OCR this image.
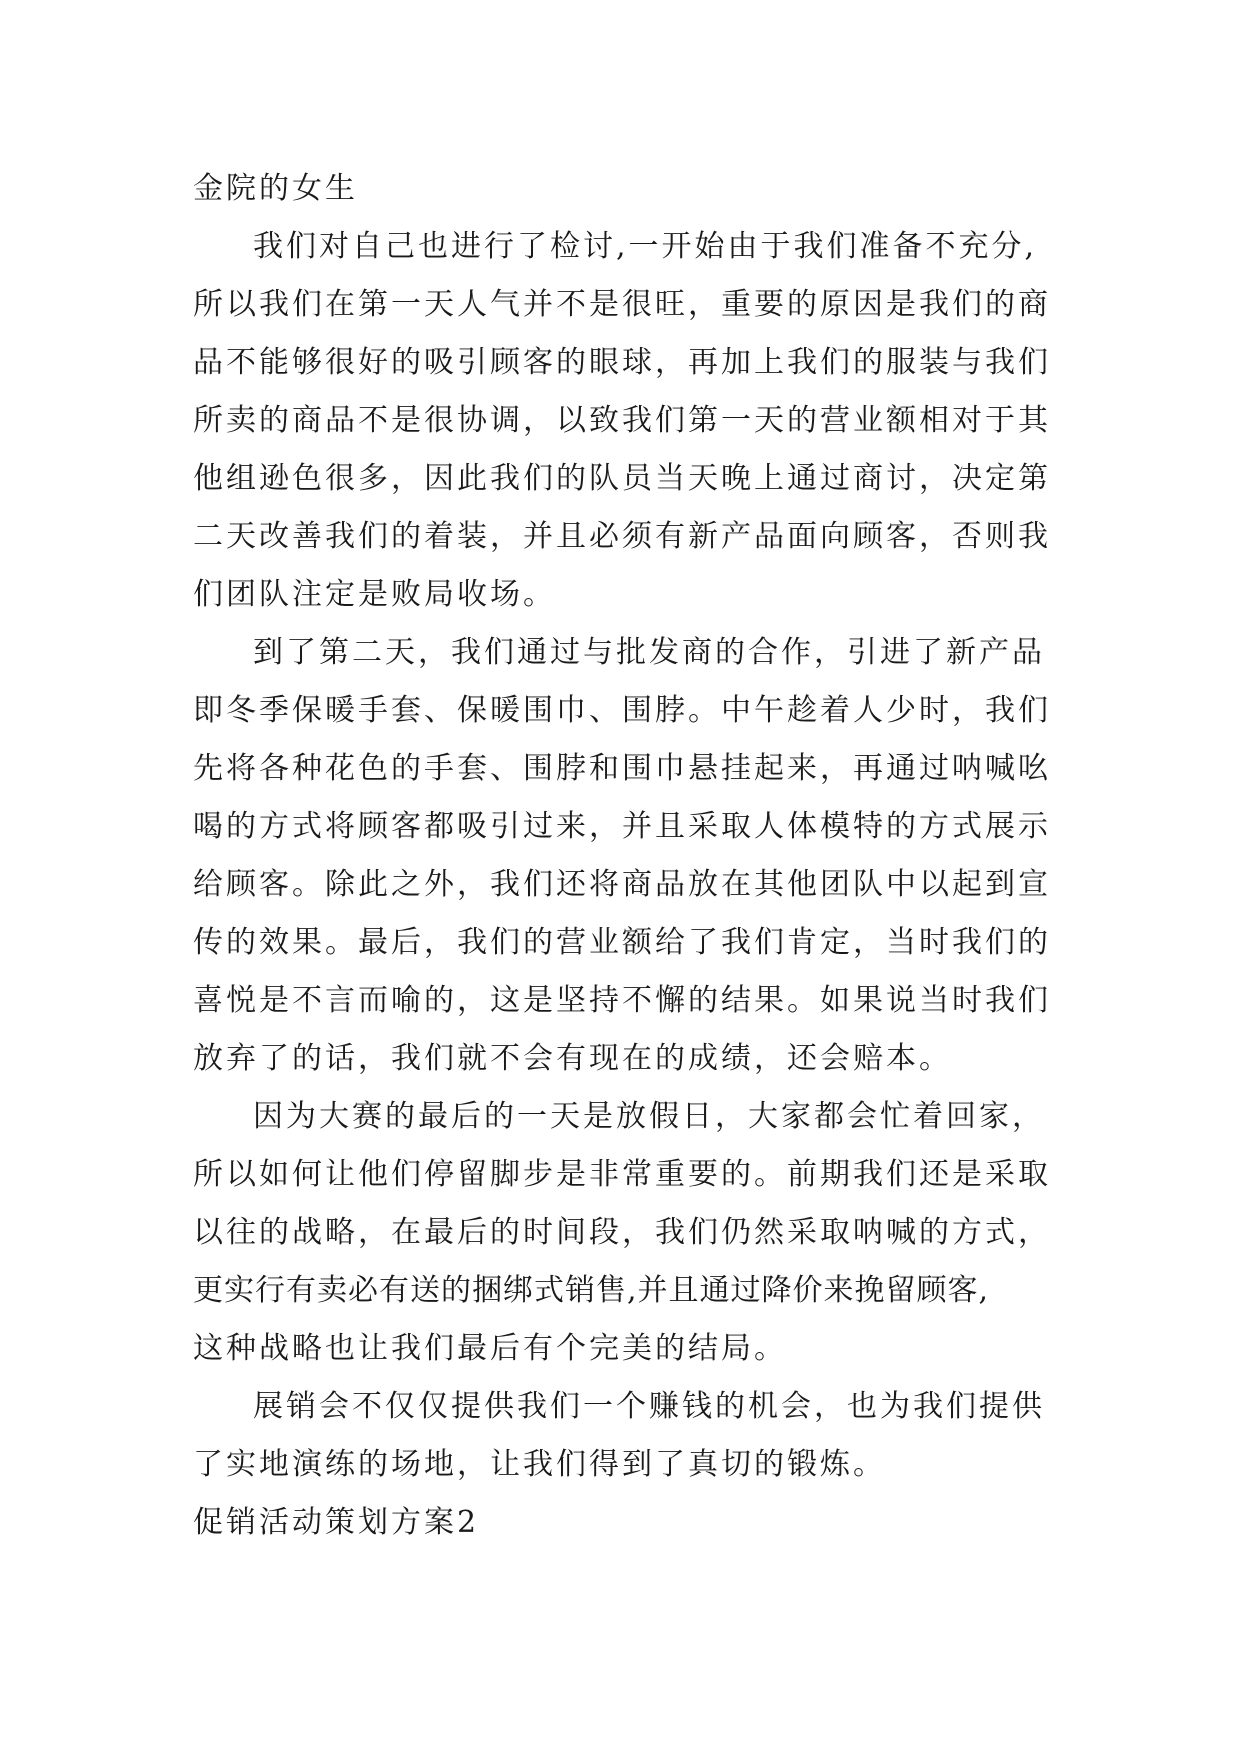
金院的女生
我们对自己也进行了检讨,一开始由于我们准备不充分,
所以我们在第一天人气并不是很旺，重要的原因是我们的商
品不能够很好的吸引顾客的眼球，再加上我们的服装与我们
所卖的商品不是很协调，以致我们第一天的营业额相对于其
他组逊色很多，因此我们的队员当天晚上通过商讨，决定第
二天改善我们的着装，并且必须有新产品面向顾客，否则我
们团队注定是败局收场。
到了第二天，我们通过与批发商的合作，引进了新产品
即冬季保暖手套、保暖围巾、围脖。中午趁着人少时，我们
先将各种花色的手套、围脖和围巾悬挂起来，再通过呐喊吆
喝的方式将顾客都吸引过来，并且采取人体模特的方式展示
给顾客。除此之外，我们还将商品放在其他团队中以起到宣
传的效果。最后，我们的营业额给了我们肯定，当时我们的
喜悦是不言而喻的，这是坚持不懈的结果。如果说当时我们
放弃了的话，我们就不会有现在的成绩，还会赔本。
因为大赛的最后的一天是放假日，大家都会忙着回家，
所以如何让他们停留脚步是非常重要的。前期我们还是采取
以往的战略，在最后的时间段，我们仍然采取呐喊的方式，
更实行有卖必有送的捆绑式销售,并且通过降价来挽留顾客,
这种战略也让我们最后有个完美的结局。
展销会不仅仅提供我们一个赚钱的机会，也为我们提供
了实地演练的场地，让我们得到了真切的锻炼。
促销活动策划方案2
